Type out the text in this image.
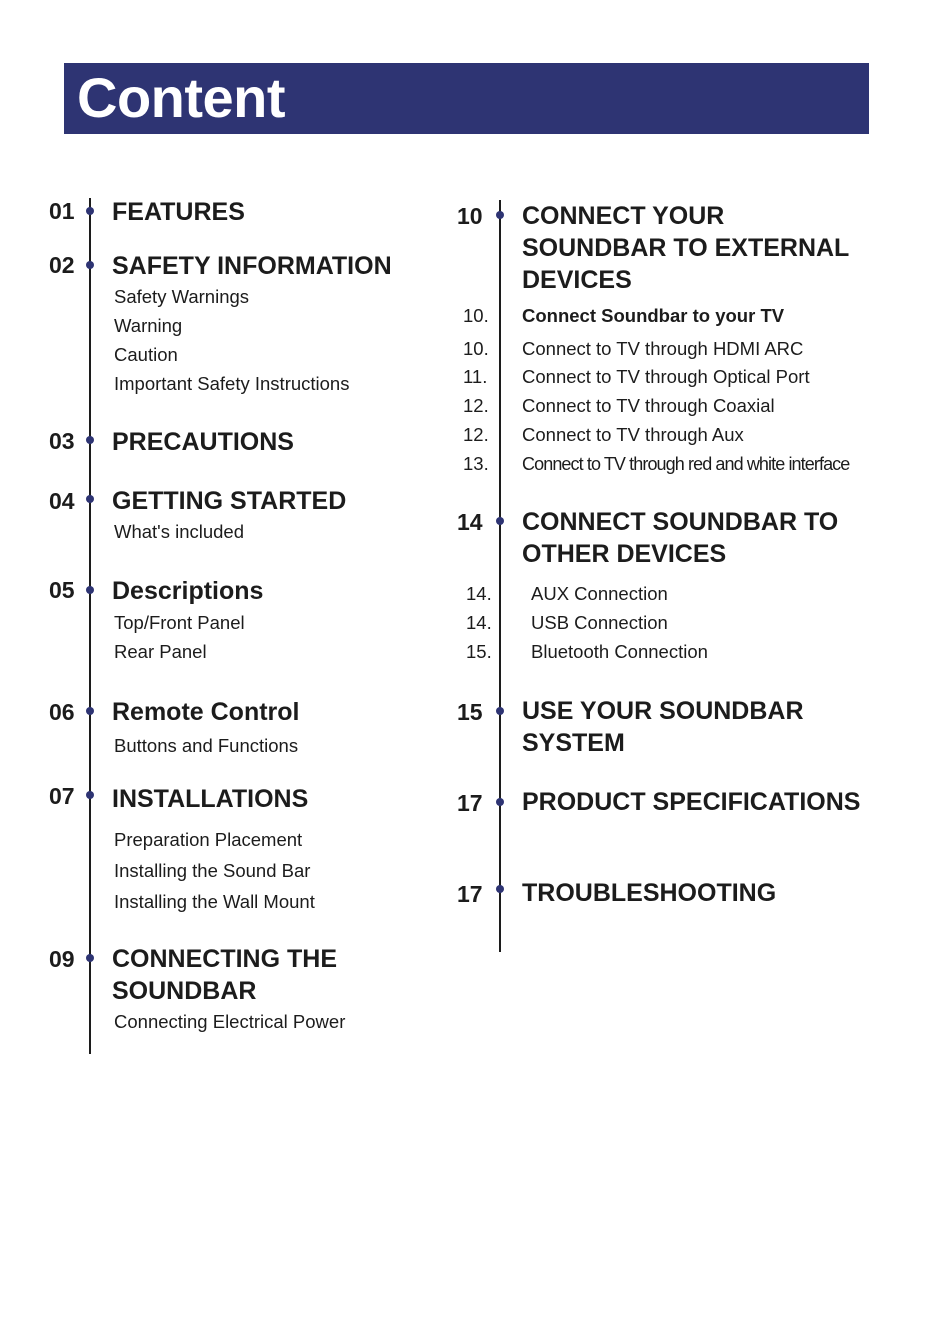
Content
01 FEATURES
02 SAFETY INFORMATION
Safety Warnings
Warning
Caution
Important Safety Instructions
03 PRECAUTIONS
04 GETTING STARTED
What's included
05 Descriptions
Top/Front Panel
Rear Panel
06 Remote Control
Buttons and Functions
07 INSTALLATIONS
Preparation Placement
Installing the Sound Bar
Installing the Wall Mount
09 CONNECTING THE
SOUNDBAR
Connecting Electrical Power
10 CONNECT YOUR
SOUNDBAR TO EXTERNAL
DEVICES
10. Connect Soundbar to your TV
10. Connect to TV through HDMI ARC
11. Connect to TV through Optical Port
12. Connect to TV through Coaxial
12. Connect to TV through Aux
13. Connect to TV through red and white interface
14 CONNECT SOUNDBAR TO
OTHER DEVICES
14. AUX Connection
14. USB Connection
15. Bluetooth Connection
15 USE YOUR SOUNDBAR
SYSTEM
17 PRODUCT SPECIFICATIONS
17 TROUBLESHOOTING
